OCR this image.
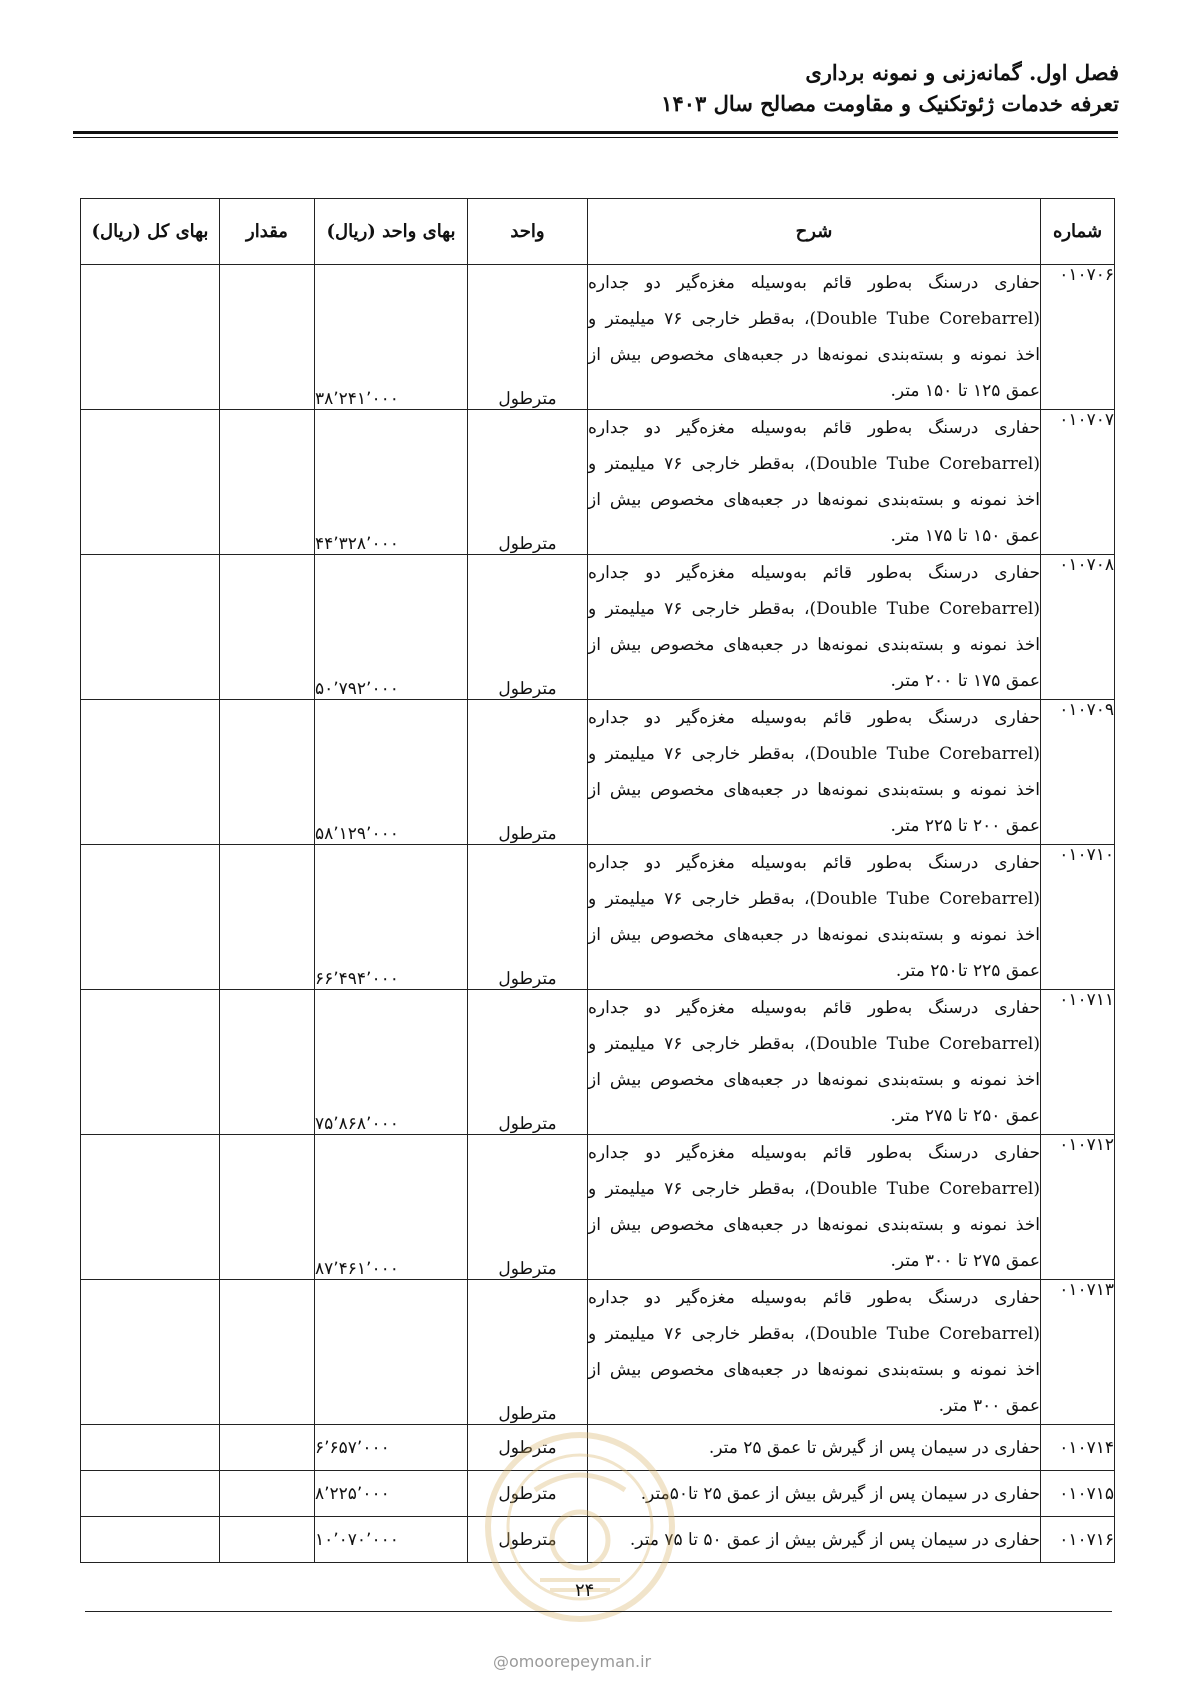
فصل اول. گمانه‌زنی و نمونه برداری
تعرفه خدمات ژئوتکنیک و مقاومت مصالح سال ۱۴۰۳
شماره	شرح	واحد	بهای واحد (ریال)	مقدار	بهای کل (ریال)
۰۱۰۷۰۶	حفاری درسنگ به‌طور قائم به‌وسیله مغزه‌گیر دو جداره (Double Tube Corebarrel)، به‌قطر خارجی ۷۶ میلیمتر و اخذ نمونه و بسته‌بندی نمونه‌ها در جعبه‌های مخصوص بیش از عمق ۱۲۵ تا ۱۵۰ متر.	مترطول	۳۸٬۲۴۱٬۰۰۰		
۰۱۰۷۰۷	حفاری درسنگ به‌طور قائم به‌وسیله مغزه‌گیر دو جداره (Double Tube Corebarrel)، به‌قطر خارجی ۷۶ میلیمتر و اخذ نمونه و بسته‌بندی نمونه‌ها در جعبه‌های مخصوص بیش از عمق ۱۵۰ تا ۱۷۵ متر.	مترطول	۴۴٬۳۲۸٬۰۰۰		
۰۱۰۷۰۸	حفاری درسنگ به‌طور قائم به‌وسیله مغزه‌گیر دو جداره (Double Tube Corebarrel)، به‌قطر خارجی ۷۶ میلیمتر و اخذ نمونه و بسته‌بندی نمونه‌ها در جعبه‌های مخصوص بیش از عمق ۱۷۵ تا ۲۰۰ متر.	مترطول	۵۰٬۷۹۲٬۰۰۰		
۰۱۰۷۰۹	حفاری درسنگ به‌طور قائم به‌وسیله مغزه‌گیر دو جداره (Double Tube Corebarrel)، به‌قطر خارجی ۷۶ میلیمتر و اخذ نمونه و بسته‌بندی نمونه‌ها در جعبه‌های مخصوص بیش از عمق ۲۰۰ تا ۲۲۵ متر.	مترطول	۵۸٬۱۲۹٬۰۰۰		
۰۱۰۷۱۰	حفاری درسنگ به‌طور قائم به‌وسیله مغزه‌گیر دو جداره (Double Tube Corebarrel)، به‌قطر خارجی ۷۶ میلیمتر و اخذ نمونه و بسته‌بندی نمونه‌ها در جعبه‌های مخصوص بیش از عمق ۲۲۵ تا۲۵۰ متر.	مترطول	۶۶٬۴۹۴٬۰۰۰		
۰۱۰۷۱۱	حفاری درسنگ به‌طور قائم به‌وسیله مغزه‌گیر دو جداره (Double Tube Corebarrel)، به‌قطر خارجی ۷۶ میلیمتر و اخذ نمونه و بسته‌بندی نمونه‌ها در جعبه‌های مخصوص بیش از عمق ۲۵۰ تا ۲۷۵ متر.	مترطول	۷۵٬۸۶۸٬۰۰۰		
۰۱۰۷۱۲	حفاری درسنگ به‌طور قائم به‌وسیله مغزه‌گیر دو جداره (Double Tube Corebarrel)، به‌قطر خارجی ۷۶ میلیمتر و اخذ نمونه و بسته‌بندی نمونه‌ها در جعبه‌های مخصوص بیش از عمق ۲۷۵ تا ۳۰۰ متر.	مترطول	۸۷٬۴۶۱٬۰۰۰		
۰۱۰۷۱۳	حفاری درسنگ به‌طور قائم به‌وسیله مغزه‌گیر دو جداره (Double Tube Corebarrel)، به‌قطر خارجی ۷۶ میلیمتر و اخذ نمونه و بسته‌بندی نمونه‌ها در جعبه‌های مخصوص بیش از عمق ۳۰۰ متر.	مترطول			
۰۱۰۷۱۴	حفاری در سیمان پس از گیرش تا عمق ۲۵ متر.	مترطول	۶٬۶۵۷٬۰۰۰		
۰۱۰۷۱۵	حفاری در سیمان پس از گیرش بیش از عمق ۲۵ تا۵۰متر.	مترطول	۸٬۲۲۵٬۰۰۰		
۰۱۰۷۱۶	حفاری در سیمان پس از گیرش بیش از عمق ۵۰ تا ۷۵ متر.	مترطول	۱۰٬۰۷۰٬۰۰۰		
۲۴
@omoorepeyman.ir
